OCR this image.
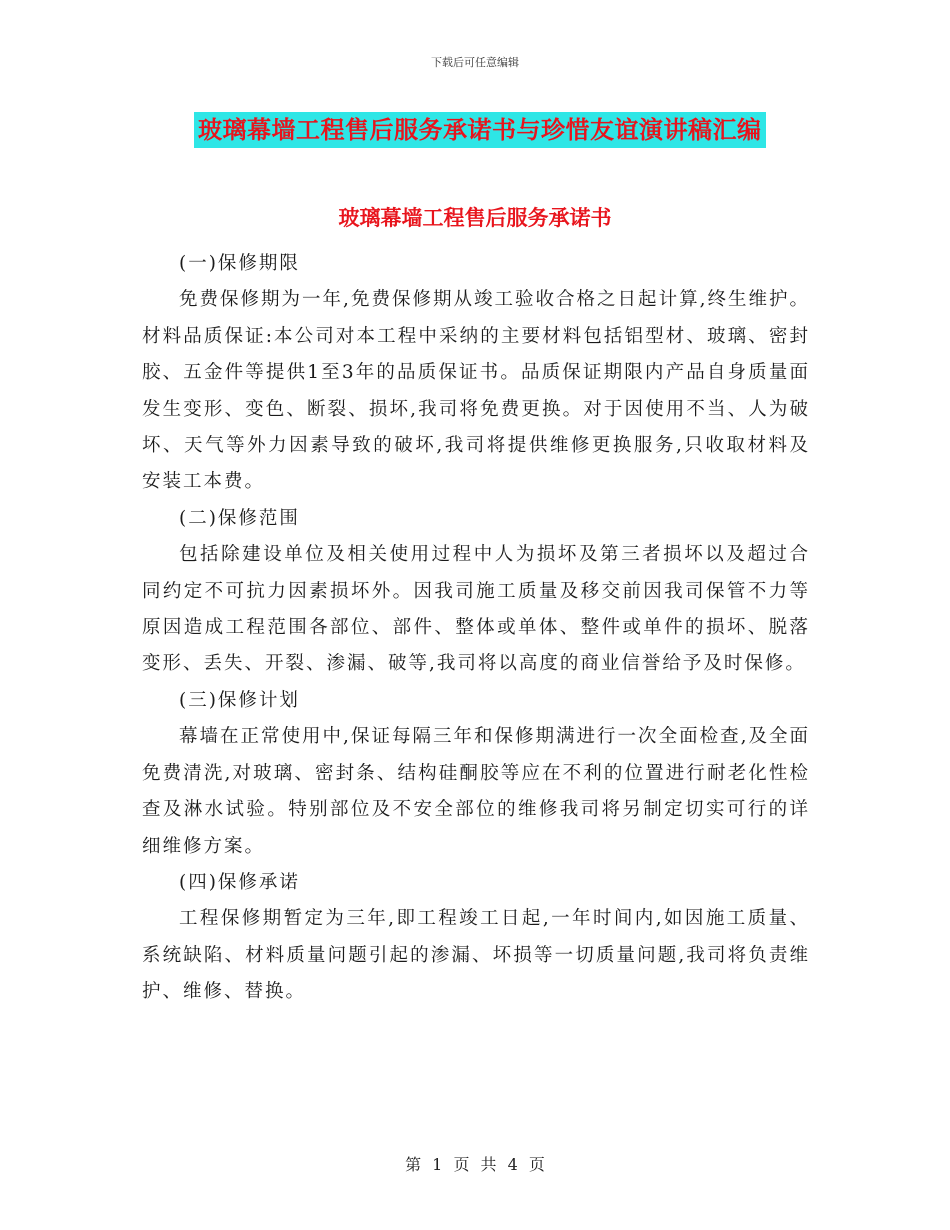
下载后可任意编辑
玻璃幕墙工程售后服务承诺书与珍惜友谊演讲稿汇编
玻璃幕墙工程售后服务承诺书

(一)保修期限

免费保修期为一年,免费保修期从竣工验收合格之日起计算,终生维护。材料品质保证:本公司对本工程中采纳的主要材料包括铝型材、玻璃、密封胶、五金件等提供1至3年的品质保证书。品质保证期限内产品自身质量面发生变形、变色、断裂、损坏,我司将免费更换。对于因使用不当、人为破坏、天气等外力因素导致的破坏,我司将提供维修更换服务,只收取材料及安装工本费。

(二)保修范围

包括除建设单位及相关使用过程中人为损坏及第三者损坏以及超过合同约定不可抗力因素损坏外。因我司施工质量及移交前因我司保管不力等原因造成工程范围各部位、部件、整体或单体、整件或单件的损坏、脱落变形、丢失、开裂、渗漏、破等,我司将以高度的商业信誉给予及时保修。

(三)保修计划

幕墙在正常使用中,保证每隔三年和保修期满进行一次全面检查,及全面免费清洗,对玻璃、密封条、结构硅酮胶等应在不利的位置进行耐老化性检查及淋水试验。特别部位及不安全部位的维修我司将另制定切实可行的详细维修方案。

(四)保修承诺

工程保修期暂定为三年,即工程竣工日起,一年时间内,如因施工质量、系统缺陷、材料质量问题引起的渗漏、坏损等一切质量问题,我司将负责维护、维修、替换。

第 1 页 共 4 页
